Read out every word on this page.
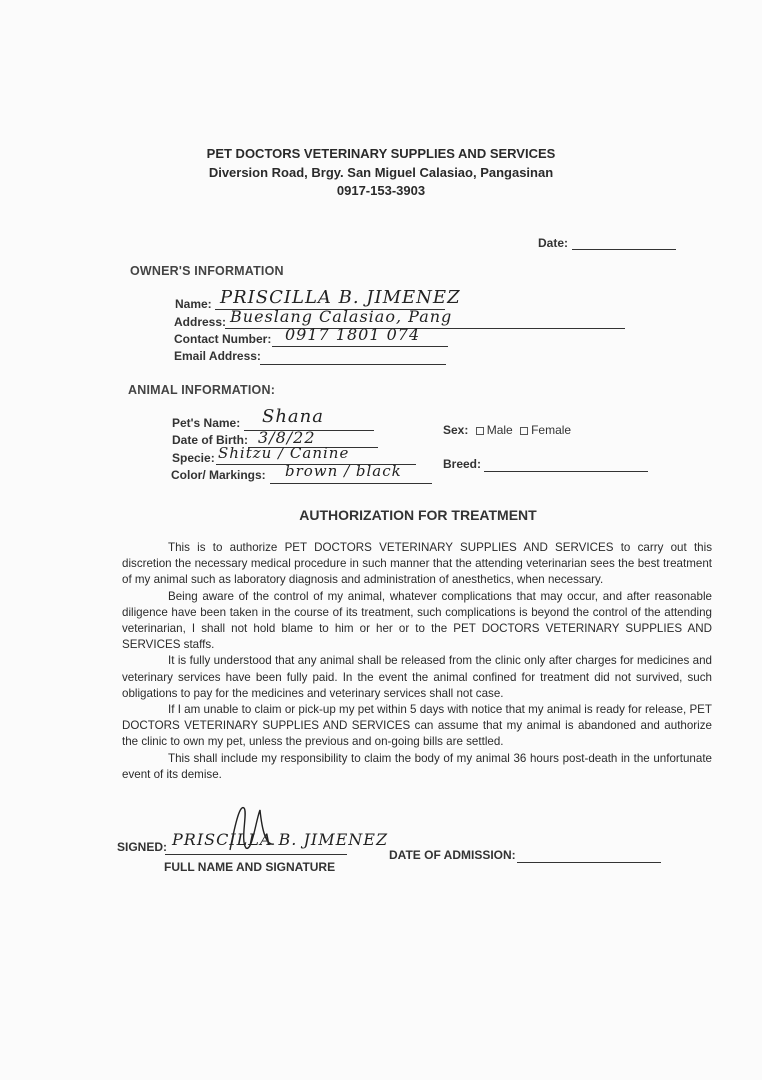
PET DOCTORS VETERINARY SUPPLIES AND SERVICES
Diversion Road, Brgy. San Miguel Calasiao, Pangasinan
0917-153-3903
Date:
OWNER'S INFORMATION
Name: PRISCILLA B. JIMENEZ
Address: Bueslang Calasiao, Pang
Contact Number: 0917 1801 074
Email Address:
ANIMAL INFORMATION:
Pet's Name: Shana
Date of Birth: 3/8/22
Specie: Shitzu / Canine
Color/ Markings: brown / black
Sex: Male Female
Breed:
AUTHORIZATION FOR TREATMENT

This is to authorize PET DOCTORS VETERINARY SUPPLIES AND SERVICES to carry out this discretion the necessary medical procedure in such manner that the attending veterinarian sees the best treatment of my animal such as laboratory diagnosis and administration of anesthetics, when necessary.

Being aware of the control of my animal, whatever complications that may occur, and after reasonable diligence have been taken in the course of its treatment, such complications is beyond the control of the attending veterinarian, I shall not hold blame to him or her or to the PET DOCTORS VETERINARY SUPPLIES AND SERVICES staffs.

It is fully understood that any animal shall be released from the clinic only after charges for medicines and veterinary services have been fully paid. In the event the animal confined for treatment did not survived, such obligations to pay for the medicines and veterinary services shall not case.

If I am unable to claim or pick-up my pet within 5 days with notice that my animal is ready for release, PET DOCTORS VETERINARY SUPPLIES AND SERVICES can assume that my animal is abandoned and authorize the clinic to own my pet, unless the previous and on-going bills are settled.

This shall include my responsibility to claim the body of my animal 36 hours post-death in the unfortunate event of its demise.

SIGNED: PRISCILLA B. JIMENEZ
FULL NAME AND SIGNATURE
DATE OF ADMISSION:
